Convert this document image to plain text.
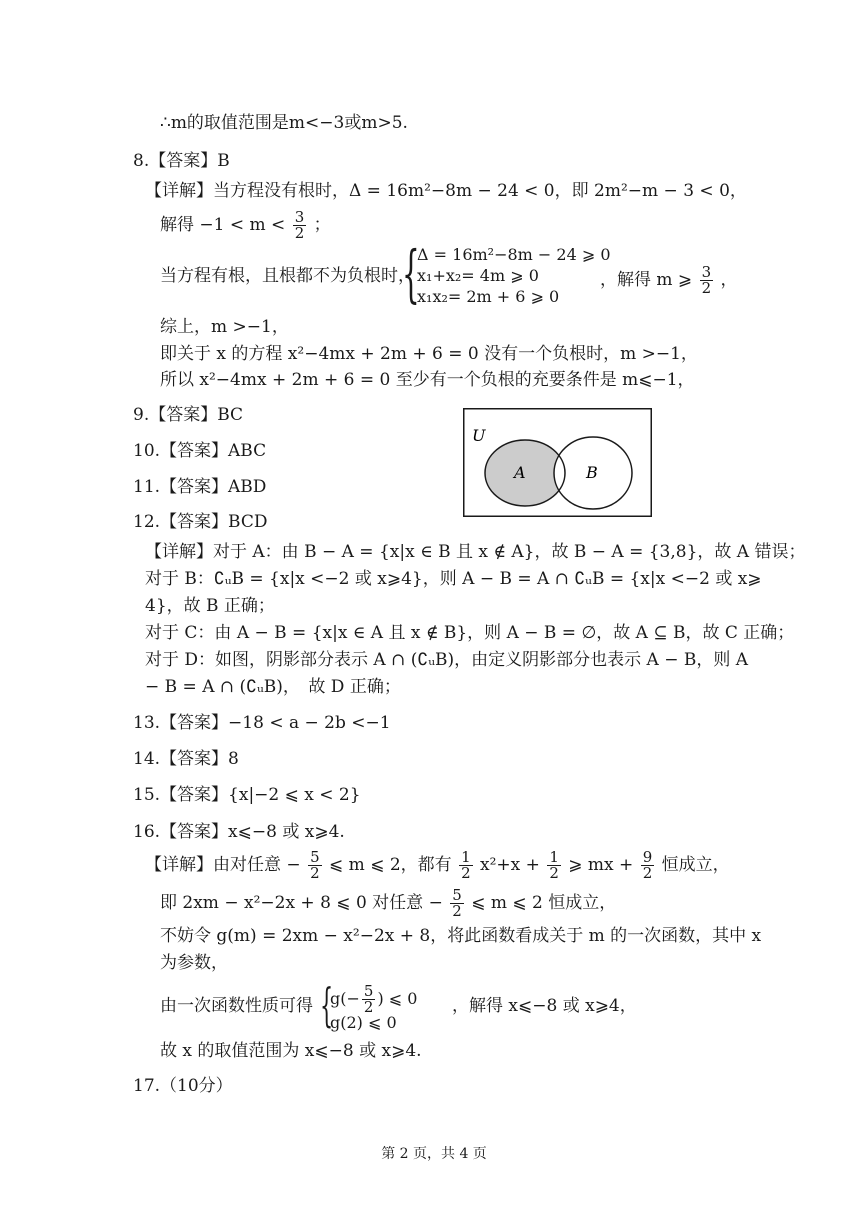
∴m的取值范围是m<−3或m>5.
8.【答案】B
【详解】当方程没有根时，Δ = 16m²−8m − 24 < 0，即 2m²−m − 3 < 0，
解得 $-1 < m < \frac{3}{2}$ ；
当方程有根，且根都不为负根时，
{
Δ = 16m²−8m − 24 ⩾ 0
x₁+x₂= 4m ⩾ 0
x₁x₂= 2m + 6 ⩾ 0
，解得 m ⩾ $\frac{3}{2}$ ，
综上，m >−1，
即关于 x 的方程 x²−4mx + 2m + 6 = 0 没有一个负根时，m >−1，
所以 x²−4mx + 2m + 6 = 0 至少有一个负根的充要条件是 m⩽−1，
9.【答案】BC
10.【答案】ABC
11.【答案】ABD
12.【答案】BCD
U
A	B
【详解】对于 A：由 B − A = {x|x ∈ B 且 x ∉ A}，故 B − A = {3,8}，故 A 错误；
对于 B：∁ᵤB = {x|x <−2 或 x⩾4}，则 A − B = A ∩ ∁ᵤB = {x|x <−2 或 x⩾
4}，故 B 正确；
对于 C：由 A − B = {x|x ∈ A 且 x ∉ B}，则 A − B = ∅，故 A ⊆ B，故 C 正确；
对于 D：如图，阴影部分表示 A ∩ (∁ᵤB)，由定义阴影部分也表示 A − B，则 A
− B = A ∩ (∁ᵤB)，　故 D 正确；
13.【答案】−18 < a − 2b <−1
14.【答案】8
15.【答案】{x|−2 ⩽ x < 2}
16.【答案】x⩽−8 或 x⩾4.
【详解】由对任意 − $\frac{5}{2}$ ⩽ m ⩽ 2，都有 $\frac{1}{2} x^2+x + \frac{1}{2}$ ⩾ mx + $\frac{9}{2}$ 恒成立，
即 2xm − x²−2x + 8 ⩽ 0 对任意 − $\frac{5}{2}$ ⩽ m ⩽ 2 恒成立，
不妨令 g(m) = 2xm − x²−2x + 8，将此函数看成关于 m 的一次函数，其中 x
为参数，
由一次函数性质可得 {
$g(- \frac{5}{2}$ ) ⩽ 0
g(2) ⩽ 0
，解得 x⩽−8 或 x⩾4，
故 x 的取值范围为 x⩽−8 或 x⩾4.
17.（10分）
第 2 页，共 4 页
